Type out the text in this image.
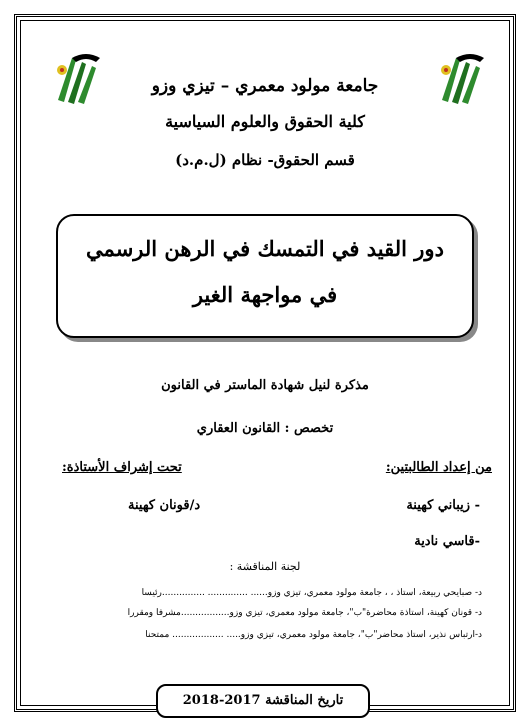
جامعة مولود معمري – تيزي وزو
كلية الحقوق والعلوم السياسية
قسم الحقوق- نظام (ل.م.د)
دور القيد في التمسك في الرهن الرسمي
في مواجهة الغير
مذكرة لنيل شهادة الماستر في القانون
تخصص : القانون العقاري
من إعداد الطالبتين:
تحت إشراف الأستاذة:
د/قونان كهينة	- زيباني كهينة
-قاسي نادية
لجنة المناقشة :
د- صبايحي ربيعة، أستاذ ، ، جامعة مولود معمري، تيزي وزو...... .............. ...............رئيسا
د- قونان كهينة، أستاذة محاضرة"ب"، جامعة مولود معمري، تيزي وزو.................مشرفا ومقررا
د-أرتباس نذير، أستاذ محاضر"ب"، جامعة مولود معمري، تيزي وزو..... .................. ممتحنا
تاريخ المناقشة 2017-2018
